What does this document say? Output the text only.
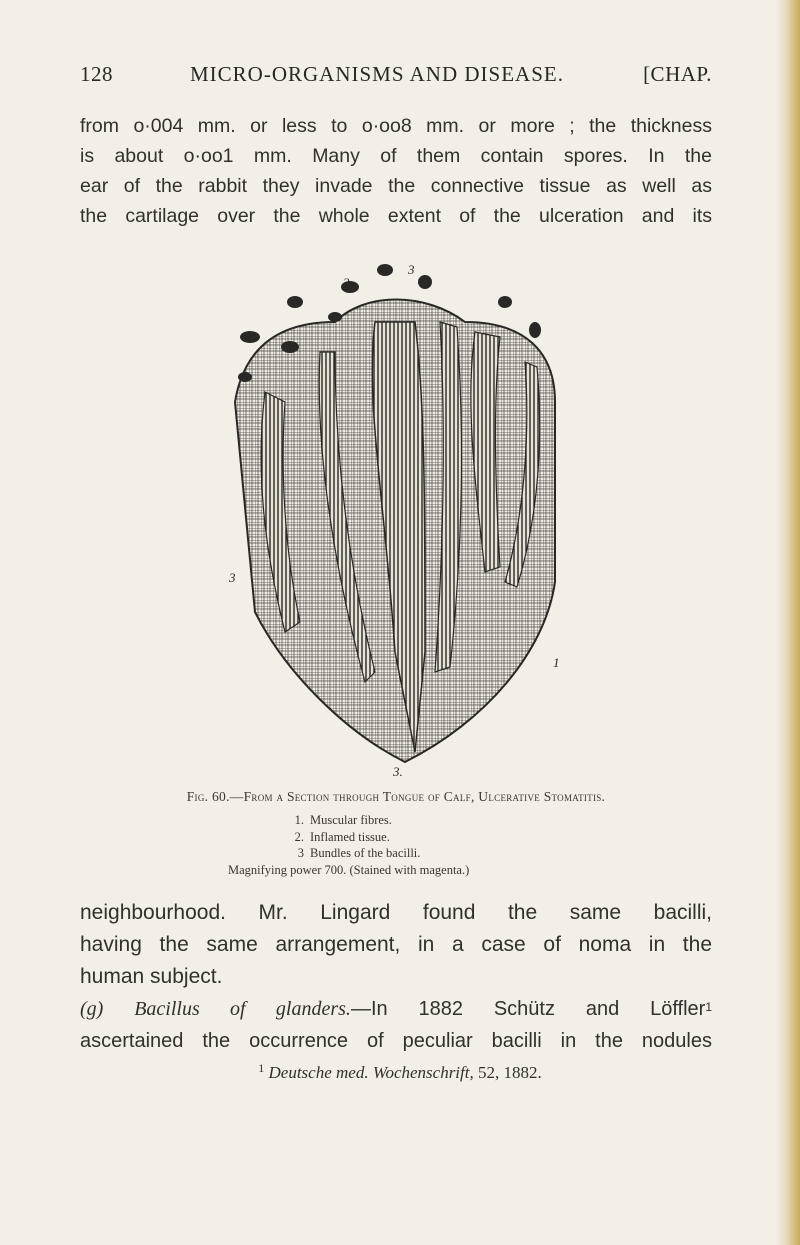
128	MICRO-ORGANISMS AND DISEASE.	[CHAP.
from o·004 mm. or less to o·oo8 mm. or more ; the thickness
is about o·oo1 mm. Many of them contain spores. In the
ear of the rabbit they invade the connective tissue as well as
the cartilage over the whole extent of the ulceration and its
2
3
3
1
3.
Fig. 60.—From a Section through Tongue of Calf, Ulcerative Stomatitis.
1. Muscular fibres.
2. Inflamed tissue.
3 Bundles of the bacilli.
Magnifying power 700. (Stained with magenta.)
neighbourhood. Mr. Lingard found the same bacilli,
having the same arrangement, in a case of noma in the
human subject.
(g) Bacillus of glanders.—In 1882 Schütz and Löffler$^1$
ascertained the occurrence of peculiar bacilli in the nodules
$^1$ Deutsche med. Wochenschrift, 52, 1882.
